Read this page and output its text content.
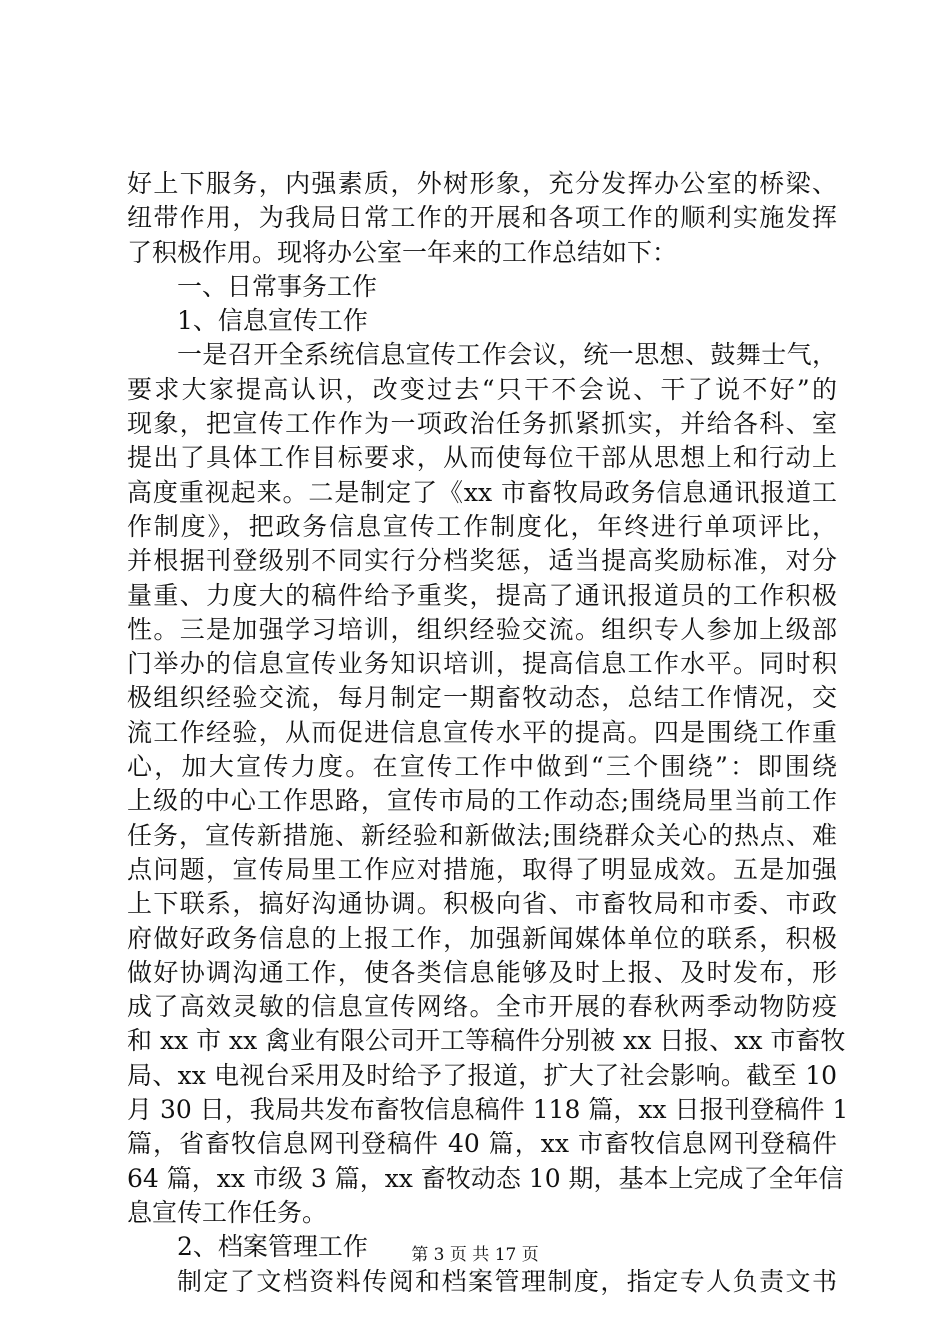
好上下服务，内强素质，外树形象，充分发挥办公室的桥梁、
纽带作用，为我局日常工作的开展和各项工作的顺利实施发挥
了积极作用。现将办公室一年来的工作总结如下：
一、日常事务工作
1、信息宣传工作
一是召开全系统信息宣传工作会议，统一思想、鼓舞士气，
要求大家提高认识，改变过去“只干不会说、干了说不好”的
现象，把宣传工作作为一项政治任务抓紧抓实，并给各科、室
提出了具体工作目标要求，从而使每位干部从思想上和行动上
高度重视起来。二是制定了《xx 市畜牧局政务信息通讯报道工
作制度》，把政务信息宣传工作制度化，年终进行单项评比，
并根据刊登级别不同实行分档奖惩，适当提高奖励标准，对分
量重、力度大的稿件给予重奖，提高了通讯报道员的工作积极
性。三是加强学习培训，组织经验交流。组织专人参加上级部
门举办的信息宣传业务知识培训，提高信息工作水平。同时积
极组织经验交流，每月制定一期畜牧动态，总结工作情况，交
流工作经验，从而促进信息宣传水平的提高。四是围绕工作重
心，加大宣传力度。在宣传工作中做到“三个围绕”：即围绕
上级的中心工作思路，宣传市局的工作动态;围绕局里当前工作
任务，宣传新措施、新经验和新做法;围绕群众关心的热点、难
点问题，宣传局里工作应对措施，取得了明显成效。五是加强
上下联系，搞好沟通协调。积极向省、市畜牧局和市委、市政
府做好政务信息的上报工作，加强新闻媒体单位的联系，积极
做好协调沟通工作，使各类信息能够及时上报、及时发布，形
成了高效灵敏的信息宣传网络。全市开展的春秋两季动物防疫
和 xx 市 xx 禽业有限公司开工等稿件分别被 xx 日报、xx 市畜牧
局、xx 电视台采用及时给予了报道，扩大了社会影响。截至 10
月 30 日，我局共发布畜牧信息稿件 118 篇，xx 日报刊登稿件 1
篇，省畜牧信息网刊登稿件 40 篇，xx 市畜牧信息网刊登稿件
64 篇，xx 市级 3 篇，xx 畜牧动态 10 期，基本上完成了全年信
息宣传工作任务。
2、档案管理工作
制定了文档资料传阅和档案管理制度，指定专人负责文书
第 3 页 共 17 页
